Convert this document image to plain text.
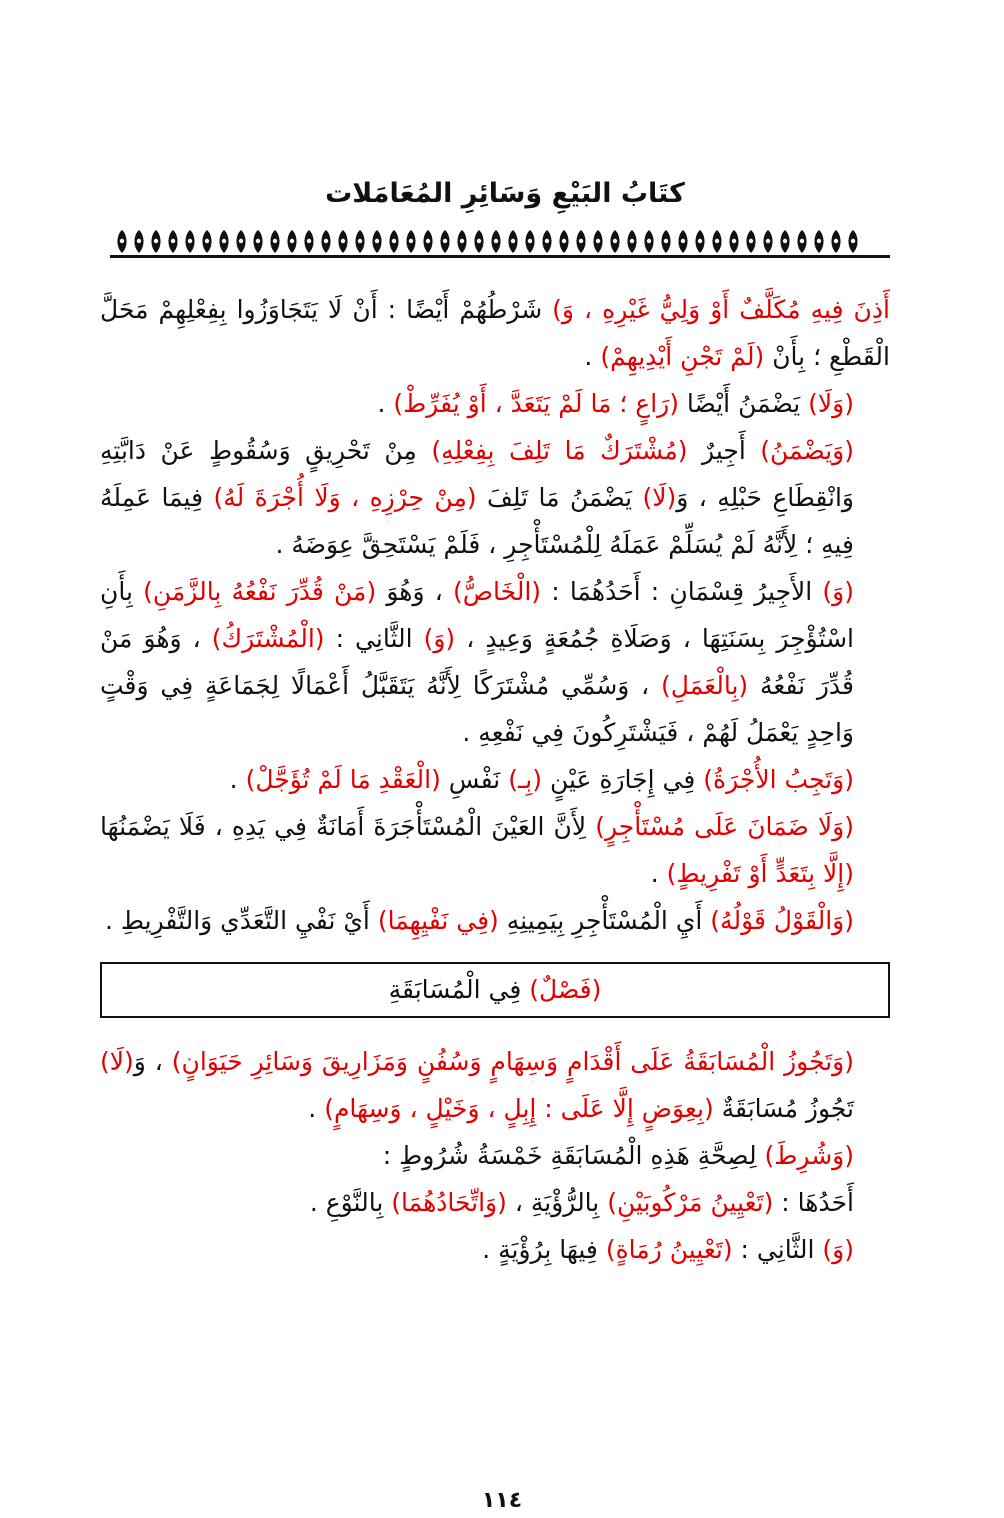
كتَابُ البَيْعِ وَسَائِرِ المُعَامَلات

أَذِنَ فِيهِ مُكَلَّفٌ أَوْ وَلِيُّ غَيْرِهِ ، وَ) شَرْطُهُمْ أَيْضًا : أَنْ لَا يَتَجَاوَزُوا بِفِعْلِهِمْ مَحَلَّ الْقَطْعِ ؛ بِأَنْ (لَمْ تَجْنِ أَيْدِيهِمْ) .

(وَلَا) يَضْمَنُ أَيْضًا (رَاعٍ ؛ مَا لَمْ يَتَعَدَّ ، أَوْ يُفَرِّطْ) .

(وَيَضْمَنُ) أَجِيرٌ (مُشْتَرَكٌ مَا تَلِفَ بِفِعْلِهِ) مِنْ تَحْرِيقٍ وَسُقُوطٍ عَنْ دَابَّتِهِ وَانْقِطَاعِ حَبْلِهِ ، وَ(لَا) يَضْمَنُ مَا تَلِفَ (مِنْ حِرْزِهِ ، وَلَا أُجْرَةَ لَهُ) فِيمَا عَمِلَهُ فِيهِ ؛ لِأَنَّهُ لَمْ يُسَلِّمْ عَمَلَهُ لِلْمُسْتَأْجِرِ ، فَلَمْ يَسْتَحِقَّ عِوَضَهُ .

(وَ) الأَجِيرُ قِسْمَانِ : أَحَدُهُمَا : (الْخَاصُّ) ، وَهُوَ (مَنْ قُدِّرَ نَفْعُهُ بِالزَّمَنِ) بِأَنِ اسْتُؤْجِرَ بِسَنَتِهَا ، وَصَلَاةِ جُمُعَةٍ وَعِيدٍ ، (وَ) الثَّانِي : (الْمُشْتَرَكُ) ، وَهُوَ مَنْ قُدِّرَ نَفْعُهُ (بِالْعَمَلِ) ، وَسُمِّي مُشْتَرَكًا لِأَنَّهُ يَتَقَبَّلُ أَعْمَالًا لِجَمَاعَةٍ فِي وَقْتٍ وَاحِدٍ يَعْمَلُ لَهُمْ ، فَيَشْتَرِكُونَ فِي نَفْعِهِ .

(وَتَجِبُ الأُجْرَةُ) فِي إِجَارَةِ عَيْنٍ (بِـ) نَفْسِ (الْعَقْدِ مَا لَمْ تُؤَجَّلْ) .

(وَلَا ضَمَانَ عَلَى مُسْتَأْجِرٍ) لِأَنَّ العَيْنَ الْمُسْتَأْجَرَةَ أَمَانَةٌ فِي يَدِهِ ، فَلَا يَضْمَنُهَا (إِلَّا بِتَعَدٍّ أَوْ تَفْرِيطٍ) .

(وَالْقَوْلُ قَوْلُهُ) أَيِ الْمُسْتَأْجِرِ بِيَمِينِهِ (فِي نَفْيِهِمَا) أَيْ نَفْيِ التَّعَدِّي وَالتَّفْرِيطِ .

(فَصْلٌ) فِي الْمُسَابَقَةِ

(وَتَجُوزُ الْمُسَابَقَةُ عَلَى أَقْدَامٍ وَسِهَامٍ وَسُفُنٍ وَمَزَارِيقَ وَسَائِرِ حَيَوَانٍ) ، وَ(لَا) تَجُوزُ مُسَابَقَةٌ (بِعِوَضٍ إِلَّا عَلَى : إِبِلٍ ، وَخَيْلٍ ، وَسِهَامٍ) .

(وَشُرِطَ) لِصِحَّةِ هَذِهِ الْمُسَابَقَةِ خَمْسَةُ شُرُوطٍ :

أَحَدُهَا : (تَعْيِينُ مَرْكُوبَيْنِ) بِالرُّؤْيَةِ ، (وَاتِّحَادُهُمَا) بِالنَّوْعِ .

(وَ) الثَّانِي : (تَعْيِينُ رُمَاةٍ) فِيهَا بِرُؤْيَةٍ .

١١٤
